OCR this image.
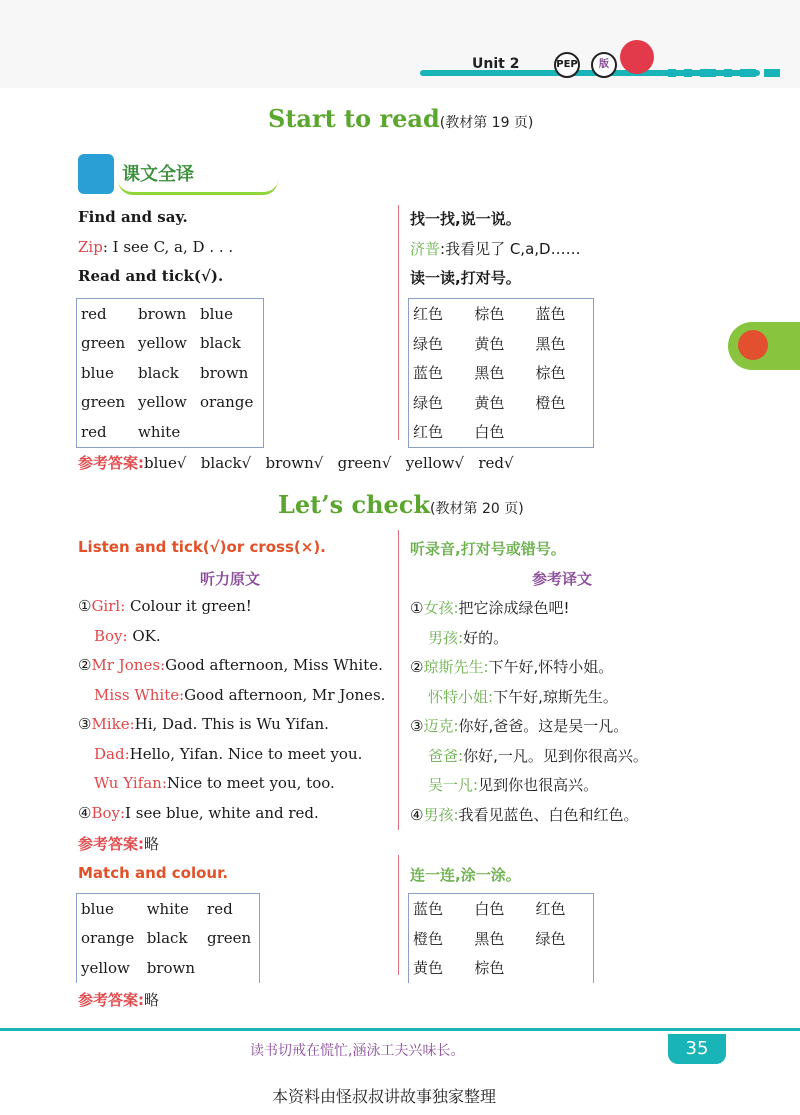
Unit 2	PEP	版
Start to read(教材第 19 页)
课文全译
Find and say.
Zip: I see C, a, D . . .
Read and tick(√).
red	brown	blue
green	yellow	black
blue	black	brown
green	yellow	orange
red	white	
找一找,说一说。
济普:我看见了 C,a,D……
读一读,打对号。
红色	棕色	蓝色
绿色	黄色	黑色
蓝色	黑色	棕色
绿色	黄色	橙色
红色	白色	
参考答案:blue√   black√   brown√   green√   yellow√   red√
Let’s check(教材第 20 页)
Listen and tick(√)or cross(×).
听力原文
①Girl: Colour it green!
Boy: OK.
②Mr Jones:Good afternoon, Miss White.
Miss White:Good afternoon, Mr Jones.
③Mike:Hi, Dad. This is Wu Yifan.
Dad:Hello, Yifan. Nice to meet you.
Wu Yifan:Nice to meet you, too.
④Boy:I see blue, white and red.
参考答案:略
听录音,打对号或错号。
参考译文
①女孩:把它涂成绿色吧!
男孩:好的。
②琼斯先生:下午好,怀特小姐。
怀特小姐:下午好,琼斯先生。
③迈克:你好,爸爸。这是吴一凡。
爸爸:你好,一凡。见到你很高兴。
吴一凡:见到你也很高兴。
④男孩:我看见蓝色、白色和红色。
Match and colour.
blue	white	red
orange	black	green
yellow	brown	
参考答案:略
连一连,涂一涂。
蓝色	白色	红色
橙色	黑色	绿色
黄色	棕色	
读书切戒在慌忙,涵泳工夫兴味长。	35
本资料由怪叔叔讲故事独家整理
